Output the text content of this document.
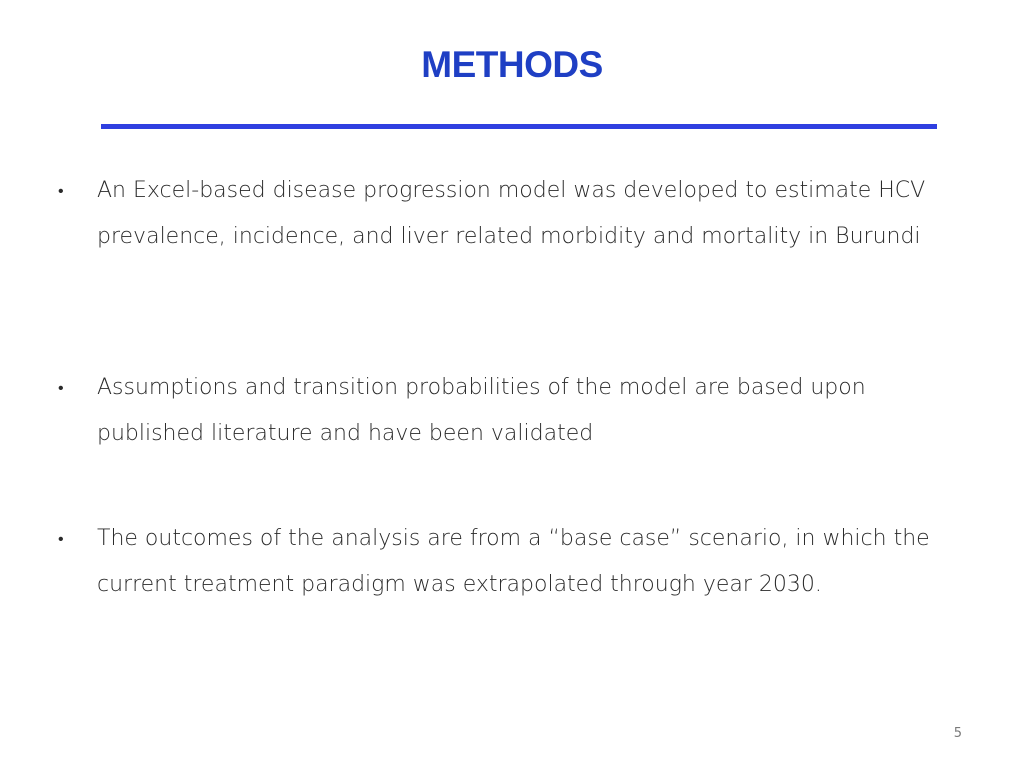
METHODS
• An Excel-based disease progression model was developed to estimate HCV prevalence, incidence, and liver related morbidity and mortality in Burundi
• Assumptions and transition probabilities of the model are based upon published literature and have been validated
• The outcomes of the analysis are from a “base case” scenario, in which the current treatment paradigm was extrapolated through year 2030.
5
